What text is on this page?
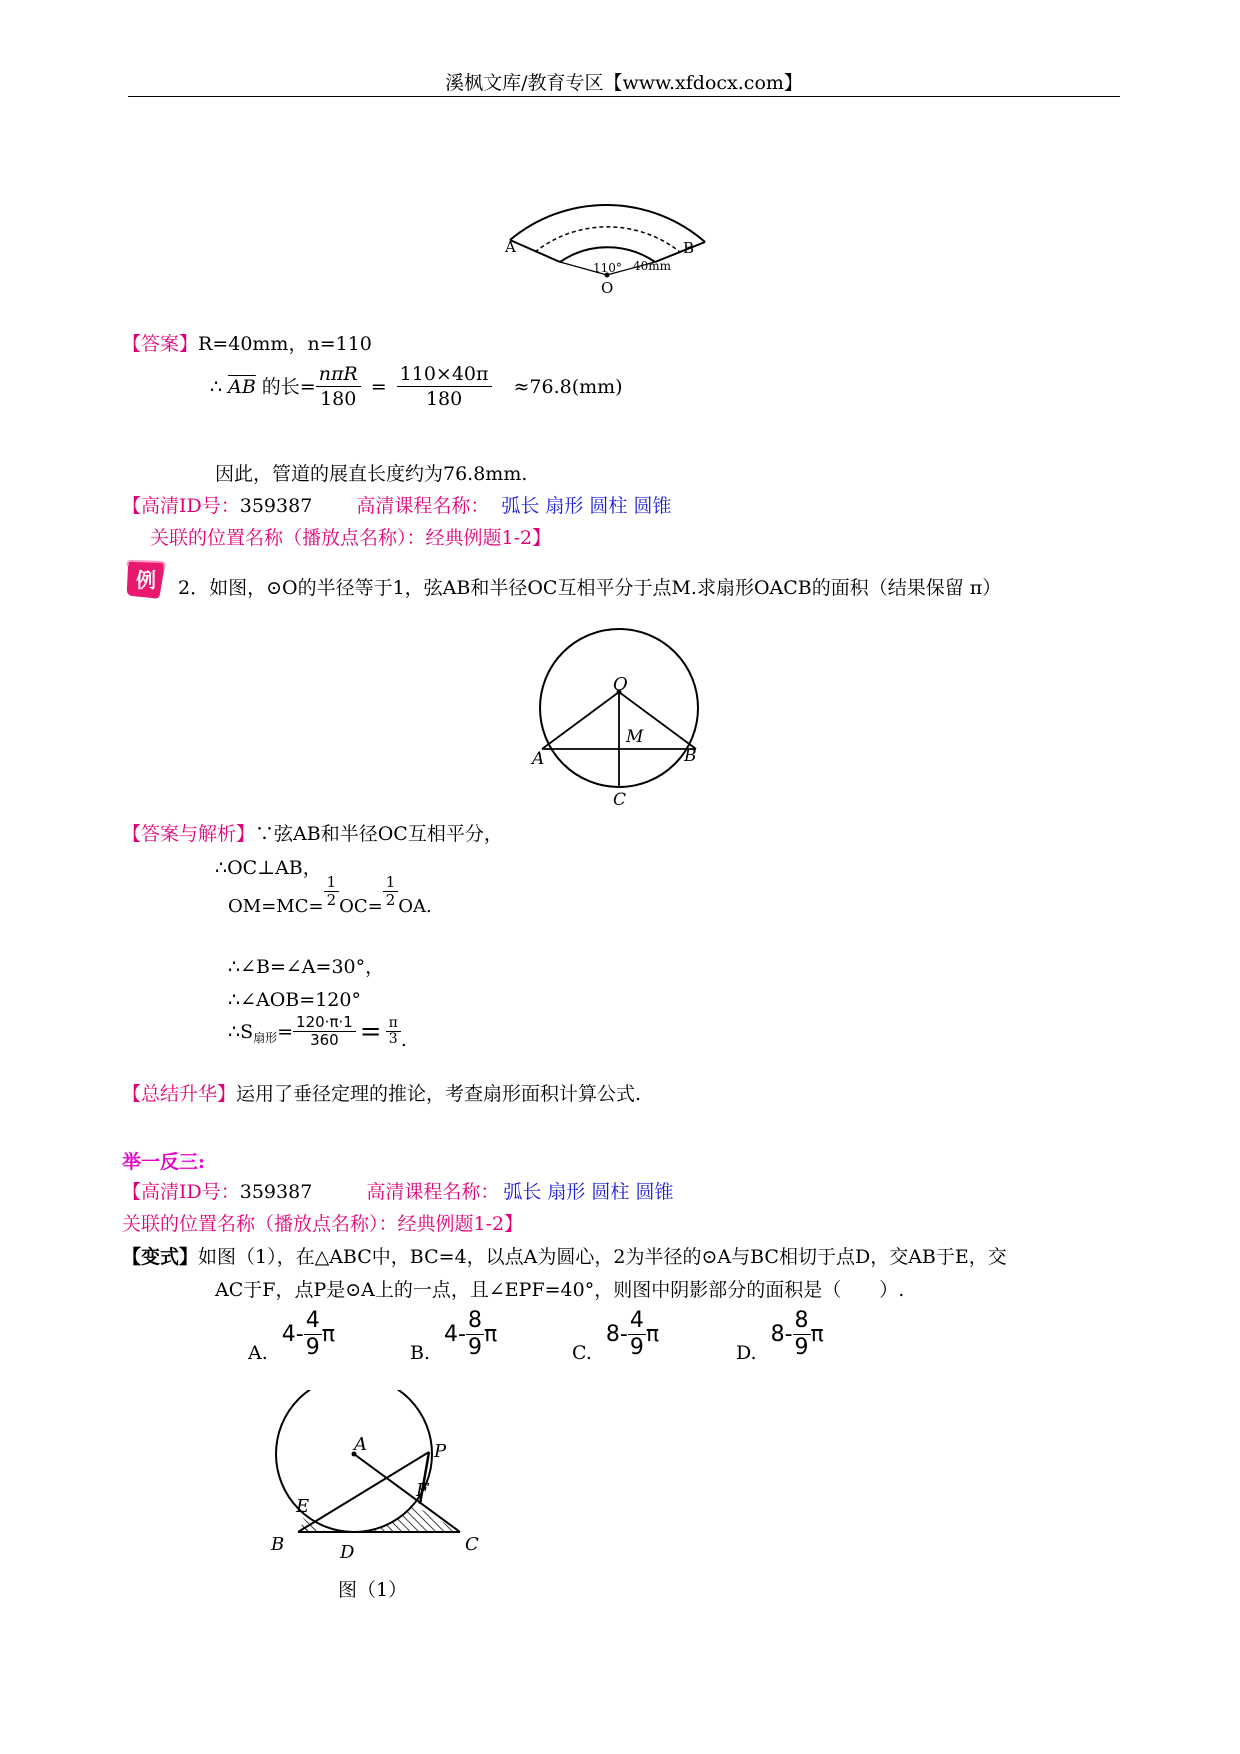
溪枫文库/教育专区【www.xfdocx.com】
A	B
O
110° 40mm
【答案】R=40mm，n=110
∴ $\overline{AB}$ 的长= $\frac{\text{nπR}}{180} = \frac{110\times 40\pi}{180} \approx 76.8(mm)$
因此，管道的展直长度约为76.8mm.
【高清ID号：359387 高清课程名称： 弧长 扇形 圆柱 圆锥
关联的位置名称（播放点名称）：经典例题1-2】
例 2．如图，⊙O的半径等于1，弦AB和半径OC互相平分于点M.求扇形OACB的面积（结果保留 π）
O
M
A	B
C
【答案与解析】∵弦AB和半径OC互相平分，
∴OC⊥AB，
$OM=MC= \frac{1}{2} OC= \frac{1}{2}$ OA.
∴∠B=∠A=30°，
∴∠AOB=120°
∴S 扇形 = $\frac{120\cdot\pi\cdot 1}{360} = \frac{\pi}{3}$ .
【总结升华】运用了垂径定理的推论，考查扇形面积计算公式.
举一反三:
【高清ID号：359387	高清课程名称： 弧长 扇形 圆柱 圆锥
关联的位置名称（播放点名称）：经典例题1-2】
【变式】如图（1），在△ABC中，BC=4，以点A为圆心，2为半径的⊙A与BC相切于点D，交AB于E，交
AC于F，点P是⊙A上的一点，且∠EPF=40°，则图中阴影部分的面积是（　　）.
A.
$4- \frac{4}{9}$ π
B.
$4- \frac{8}{9}$ π
C.
$8- \frac{4}{9}$ π
D.
$8- \frac{8}{9}$ π
A	P
E
F
B	D	C
图（1）
